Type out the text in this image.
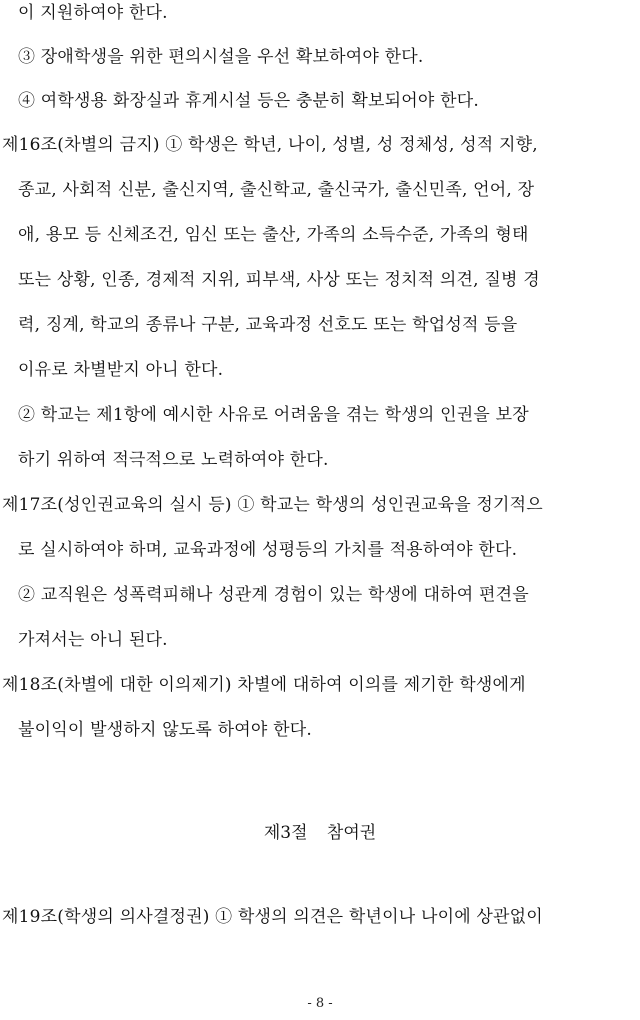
이 지원하여야 한다.
③ 장애학생을 위한 편의시설을 우선 확보하여야 한다.
④ 여학생용 화장실과 휴게시설 등은 충분히 확보되어야 한다.
제16조(차별의 금지) ① 학생은 학년, 나이, 성별, 성 정체성, 성적 지향,
종교, 사회적 신분, 출신지역, 출신학교, 출신국가, 출신민족, 언어, 장
애, 용모 등 신체조건, 임신 또는 출산, 가족의 소득수준, 가족의 형태
또는 상황, 인종, 경제적 지위, 피부색, 사상 또는 정치적 의견, 질병 경
력, 징계, 학교의 종류나 구분, 교육과정 선호도 또는 학업성적 등을
이유로 차별받지 아니 한다.
② 학교는 제1항에 예시한 사유로 어려움을 겪는 학생의 인권을 보장
하기 위하여 적극적으로 노력하여야 한다.
제17조(성인권교육의 실시 등) ① 학교는 학생의 성인권교육을 정기적으
로 실시하여야 하며, 교육과정에 성평등의 가치를 적용하여야 한다.
② 교직원은 성폭력피해나 성관계 경험이 있는 학생에 대하여 편견을
가져서는 아니 된다.
제18조(차별에 대한 이의제기) 차별에 대하여 이의를 제기한 학생에게
불이익이 발생하지 않도록 하여야 한다.
제3절 참여권
제19조(학생의 의사결정권) ① 학생의 의견은 학년이나 나이에 상관없이
- 8 -
